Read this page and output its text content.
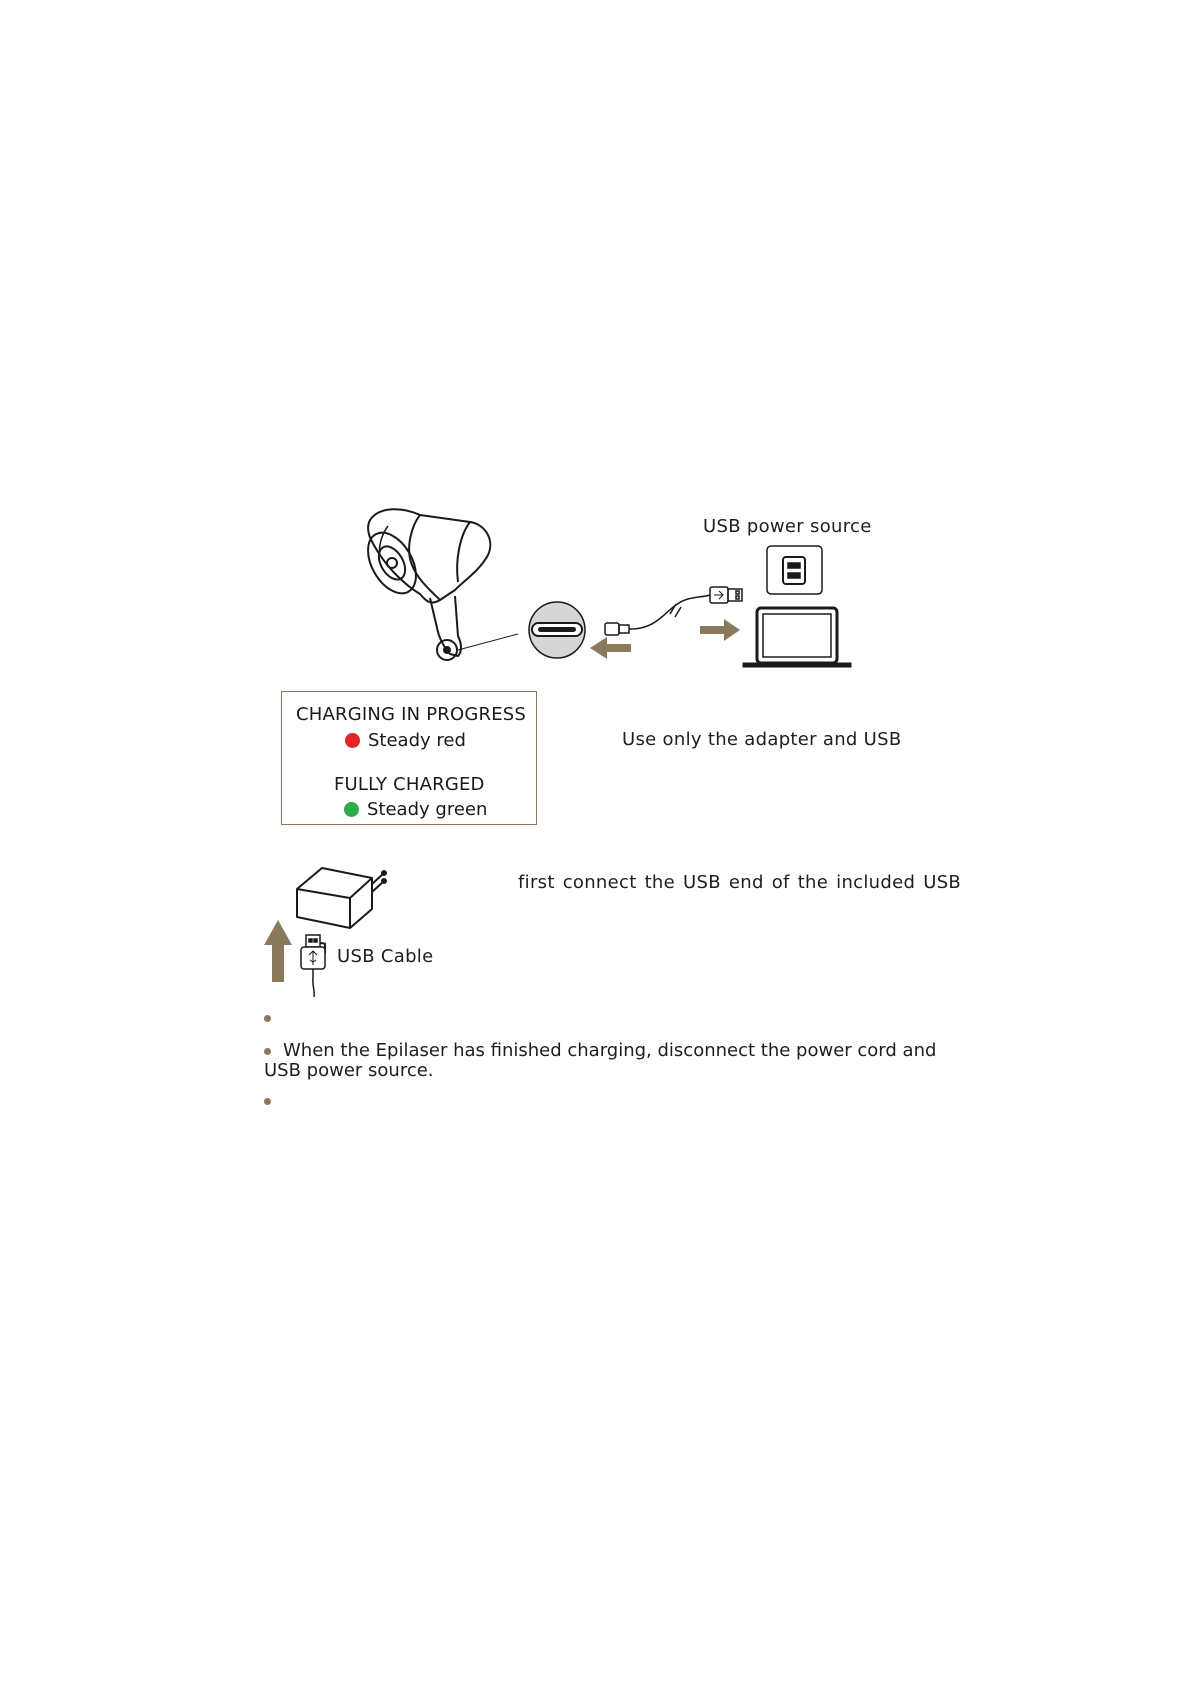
USB power source
CHARGING IN PROGRESS
Steady red
FULLY CHARGED
Steady green
Use only the adapter and USB
USB Cable
first connect the USB end of the included USB
When the Epilaser has finished charging, disconnect the power cord and USB power source.
